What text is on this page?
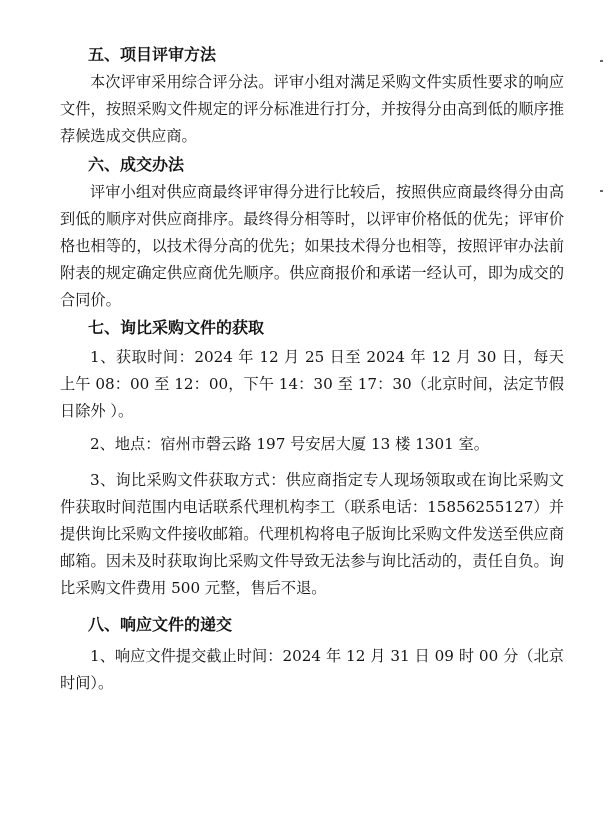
五、项目评审方法

本次评审采用综合评分法。评审小组对满足采购文件实质性要求的响应文件，按照采购文件规定的评分标准进行打分，并按得分由高到低的顺序推荐候选成交供应商。

六、成交办法

评审小组对供应商最终评审得分进行比较后，按照供应商最终得分由高到低的顺序对供应商排序。最终得分相等时，以评审价格低的优先；评审价格也相等的，以技术得分高的优先；如果技术得分也相等，按照评审办法前附表的规定确定供应商优先顺序。供应商报价和承诺一经认可，即为成交的合同价。

七、询比采购文件的获取

1、获取时间：2024 年 12 月 25 日至 2024 年 12 月 30 日，每天上午 08：00 至 12：00，下午 14：30 至 17：30（北京时间，法定节假日除外 ）。

2、地点：宿州市磬云路 197 号安居大厦 13 楼 1301 室。

3、询比采购文件获取方式：供应商指定专人现场领取或在询比采购文件获取时间范围内电话联系代理机构李工（联系电话：15856255127）并提供询比采购文件接收邮箱。代理机构将电子版询比采购文件发送至供应商邮箱。因未及时获取询比采购文件导致无法参与询比活动的，责任自负。询比采购文件费用 500 元整，售后不退。

八、响应文件的递交

1、响应文件提交截止时间：2024 年 12 月 31 日 09 时 00 分（北京时间）。
